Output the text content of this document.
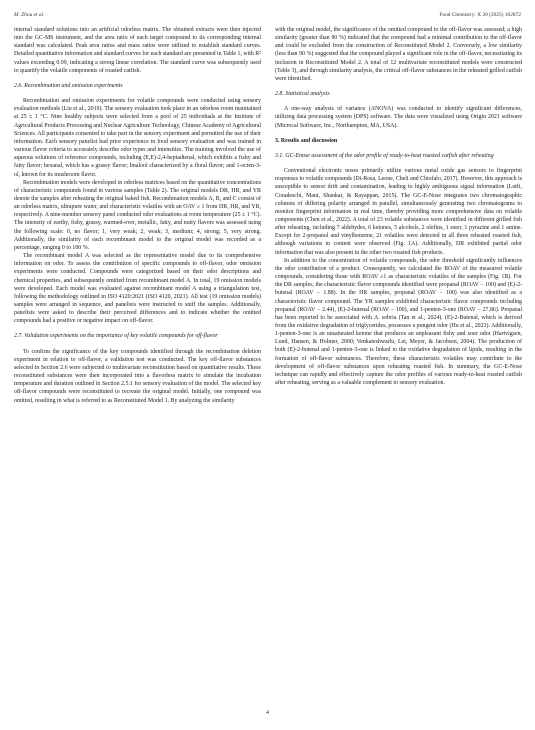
M. Zhou et al.	Food Chemistry: X 30 (2025) 102872

internal standard solutions into an artificial odorless matrix. The obtained extracts were then injected into the GC-MS instrument, and the area ratio of each target compound to its corresponding internal standard was calculated. Peak area ratios and mass ratios were utilized to establish standard curves. Detailed quantitative information and standard curves for each standard are presented in Table 1, with R² values exceeding 0.99, indicating a strong linear correlation. The standard curve was subsequently used to quantify the volatile components of roasted catfish.

2.6. Recombination and omission experiments

Recombination and omission experiments for volatile compounds were conducted using sensory evaluation methods (Liu et al., 2019). The sensory evaluation took place in an odorless room maintained at 25 ± 1 °C. Nine healthy subjects were selected from a pool of 25 individuals at the Institute of Agricultural Products Processing and Nuclear Agriculture Technology, Chinese Academy of Agricultural Sciences. All participants consented to take part in the sensory experiment and permitted the use of their information. Each sensory panelist had prior experience in food sensory evaluation and was trained in various flavor criteria to accurately describe odor types and intensities. The training involved the use of aqueous solutions of reference compounds, including (E,E)-2,4-heptadienal, which exhibits a fishy and fatty flavor; hexanal, which has a grassy flavor; linalool characterized by a floral flavor; and 1-octen-3-ol, known for its mushroom flavor.

Recombination models were developed in odorless matrices based on the quantitative concentrations of characteristic compounds found in various samples (Table 2). The original models DR, HR, and YR denote the samples after reheating the original baked fish. Recombination models A, B, and C consist of an odorless matrix, ultrapure water, and characteristic volatiles with an OAV ≥ 1 from DR, HR, and YR, respectively. A nine-member sensory panel conducted odor evaluations at room temperature (25 ± 1 °C). The intensity of earthy, fishy, grassy, warmed-over, metallic, fatty, and nutty flavors was assessed using the following scale: 0, no flavor; 1, very weak; 2, weak; 3, medium; 4, strong; 5, very strong. Additionally, the similarity of each recombinant model to the original model was recorded as a percentage, ranging 0 to 100 %.

The recombinant model A was selected as the representative model due to its comprehensive information on odor. To assess the contribution of specific compounds to off-flavor, odor omission experiments were conducted. Compounds were categorized based on their odor descriptions and chemical properties, and subsequently omitted from recombinant model A. In total, 19 omission models were developed. Each model was evaluated against recombinant model A using a triangulation test, following the methodology outlined in ISO 4120:2021 (ISO 4120, 2021). All test (19 omission models) samples were arranged in sequence, and panelists were instructed to sniff the samples. Additionally, panelists were asked to describe their perceived differences and to indicate whether the omitted compounds had a positive or negative impact on off-flavor.

2.7. Validation experiments on the importance of key volatile compounds for off-flavor

To confirm the significance of the key compounds identified through the recombination deletion experiment in relation to off-flavor, a validation test was conducted. The key off-flavor substances selected in Section 2.6 were subjected to multivariate reconstitution based on quantitative results. These reconstituted substances were then incorporated into a flavorless matrix to simulate the incubation temperature and duration outlined in Section 2.5.1 for sensory evaluation of the model. The selected key off-flavor compounds were reconstituted to recreate the original model. Initially, one compound was omitted, resulting in what is referred to as Reconstituted Model 1. By analyzing the similarity

with the original model, the significance of the omitted compound to the off-flavor was assessed; a high similarity (greater than 90 %) indicated that the compound had a minimal contribution to the off-flavor and could be excluded from the construction of Reconstituted Model 2. Conversely, a low similarity (less than 90 %) suggested that the compound played a significant role in the off-flavor, necessitating its inclusion in Reconstituted Model 2. A total of 12 multivariate reconstituted models were constructed (Table 3), and through similarity analysis, the critical off-flavor substances in the reheated grilled catfish were identified.

2.8. Statistical analysis

A one-way analysis of variance (ANOVA) was conducted to identify significant differences, utilizing data processing system (DPS) software. The data were visualized using Origin 2021 software (Microcal Software, Inc., Northampton, MA, USA).

3. Results and discussion
3.1. GC-Enose assessment of the odor profile of ready-to-heat roasted catfish after reheating

Conventional electronic noses primarily utilize various metal oxide gas sensors to fingerprint responses to volatile compounds (Di-Rosa, Leone, Cheli and Chiofalo, 2017). However, this approach is susceptible to sensor drift and contamination, leading to highly ambiguous signal information (Lutfi, Coradeschi, Mani, Shankar, & Rayappan, 2015). The GC-E-Nose integrates two chromatographic columns of differing polarity arranged in parallel, simultaneously generating two chromatograms to monitor fingerprint information in real time, thereby providing more comprehensive data on volatile components (Chen et al., 2022). A total of 23 volatile substances were identified in different grilled fish after reheating, including 7 aldehydes, 6 ketones, 5 alcohols, 2 olefins, 1 ester, 1 pyrazine and 1 amine. Except for 2-propanol and vinylbenzene, 21 volatiles were detected in all three reheated roasted fish, although variations in content were observed (Fig. 1A). Additionally, DR exhibited partial odor information that was also present in the other two roasted fish products.

In addition to the concentration of volatile compounds, the odor threshold significantly influences the odor contribution of a product. Consequently, we calculated the ROAV of the measured volatile compounds, considering those with ROAV ≥1 as characteristic volatiles of the samples (Fig. 1B). For the DR samples, the characteristic flavor compounds identified were propanal (ROAV − 100) and (E)-2-butenal (ROAV − 1.88). In the HR samples, propanal (ROAV − 100) was also identified as a characteristic flavor compound. The YR samples exhibited characteristic flavor compounds including propanal (ROAV − 2.44), (E)-2-butenal (ROAV − 100), and 1-penten-3-one (ROAV − 27.86). Propanal has been reported to be associated with A. sobria (Tan et al., 2024). (E)-2-Butenal, which is derived from the oxidative degradation of triglycerides, possesses a pungent odor (Hu et al., 2023). Additionally, 1-penten-3-one is an unsaturated ketone that produces an unpleasant fishy and sour odor (Hartvigsen, Lund, Hansen, & Holmer, 2000; Venkateshwarlu, Let, Meyer, & Jacobsen, 2004). The production of both (E)-2-butenal and 1-penten-3-one is linked to the oxidative degradation of lipids, resulting in the formation of off-flavor substances. Therefore, these characteristic volatiles may contribute to the development of off-flavor substances upon reheating roasted fish. In summary, the GC-E-Nose technique can rapidly and effectively capture the odor profiles of various ready-to-heat roasted catfish after reheating, serving as a valuable complement to sensory evaluation.

4
